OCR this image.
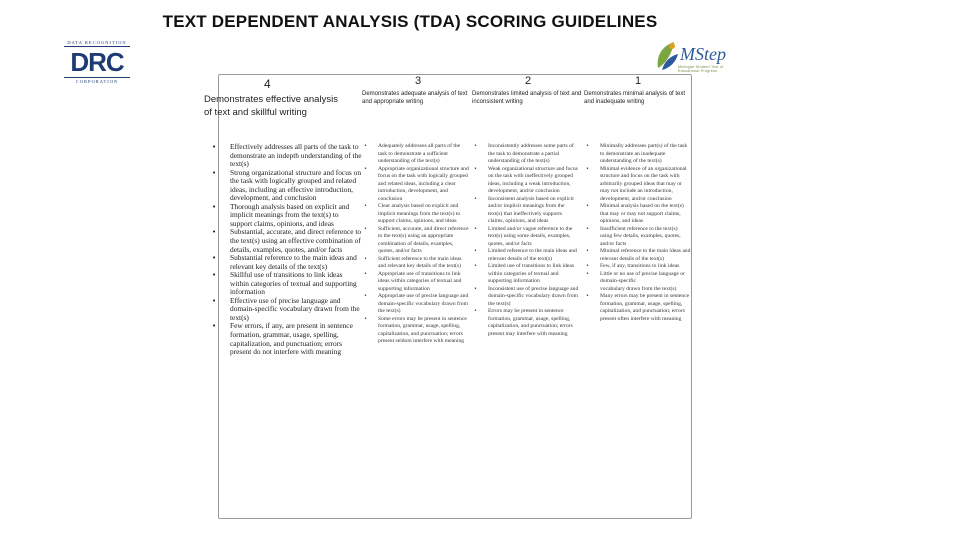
TEXT DEPENDENT ANALYSIS (TDA) SCORING GUIDELINES
DATA RECOGNITION
DRC
CORPORATION
MStep
Michigan Student Test of Educational Progress
4
Demonstrates effective analysis of text and skillful writing
• Effectively addresses all parts of the task to demonstrate an indepth understanding of the text(s)
• Strong organizational structure and focus on the task with logically grouped and related ideas, including an effective introduction, development, and conclusion
• Thorough analysis based on explicit and implicit meanings from the text(s) to support claims, opinions, and ideas
• Substantial, accurate, and direct reference to the text(s) using an effective combination of details, examples, quotes, and/or facts
• Substantial reference to the main ideas and relevant key details of the text(s)
• Skillful use of transitions to link ideas within categories of textual and supporting information
• Effective use of precise language and domain-specific vocabulary drawn from the text(s)
• Few errors, if any, are present in sentence formation, grammar, usage, spelling, capitalization, and punctuation; errors present do not interfere with meaning
3
Demonstrates adequate analysis of text and appropriate writing
• Adequately addresses all parts of the task to demonstrate a sufficient understanding of the text(s)
• Appropriate organizational structure and focus on the task with logically grouped and related ideas, including a clear introduction, development, and conclusion
• Clear analysis based on explicit and implicit meanings from the text(s) to support claims, opinions, and ideas
• Sufficient, accurate, and direct reference to the text(s) using an appropriate combination of details, examples, quotes, and/or facts
• Sufficient reference to the main ideas and relevant key details of the text(s)
• Appropriate use of transitions to link ideas within categories of textual and supporting information
• Appropriate use of precise language and domain-specific vocabulary drawn from the text(s)
• Some errors may be present in sentence formation, grammar, usage, spelling, capitalization, and punctuation; errors present seldom interfere with meaning
2
Demonstrates limited analysis of text and inconsistent writing
• Inconsistently addresses some parts of the task to demonstrate a partial understanding of the text(s)
• Weak organizational structure and focus on the task with ineffectively grouped ideas, including a weak introduction, development, and/or conclusion
• Inconsistent analysis based on explicit and/or implicit meanings from the text(s) that ineffectively supports claims, opinions, and ideas
• Limited and/or vague reference to the text(s) using some details, examples, quotes, and/or facts
• Limited reference to the main ideas and relevant details of the text(s)
• Limited use of transitions to link ideas within categories of textual and supporting information
• Inconsistent use of precise language and domain-specific vocabulary drawn from the text(s)
• Errors may be present in sentence formation, grammar, usage, spelling, capitalization, and punctuation; errors present may interfere with meaning
1
Demonstrates minimal analysis of text and inadequate writing
• Minimally addresses part(s) of the task to demonstrate an inadequate understanding of the text(s)
• Minimal evidence of an organizational structure and focus on the task with arbitrarily grouped ideas that may or may not include an introduction, development, and/or conclusion
• Minimal analysis based on the text(s) that may or may not support claims, opinions, and ideas
• Insufficient reference to the text(s) using few details, examples, quotes, and/or facts
• Minimal reference to the main ideas and relevant details of the text(s)
• Few, if any, transitions to link ideas
• Little or no use of precise language or domain-specific
vocabulary drawn from the text(s)
• Many errors may be present in sentence formation, grammar, usage, spelling, capitalization, and punctuation; errors present often interfere with meaning
